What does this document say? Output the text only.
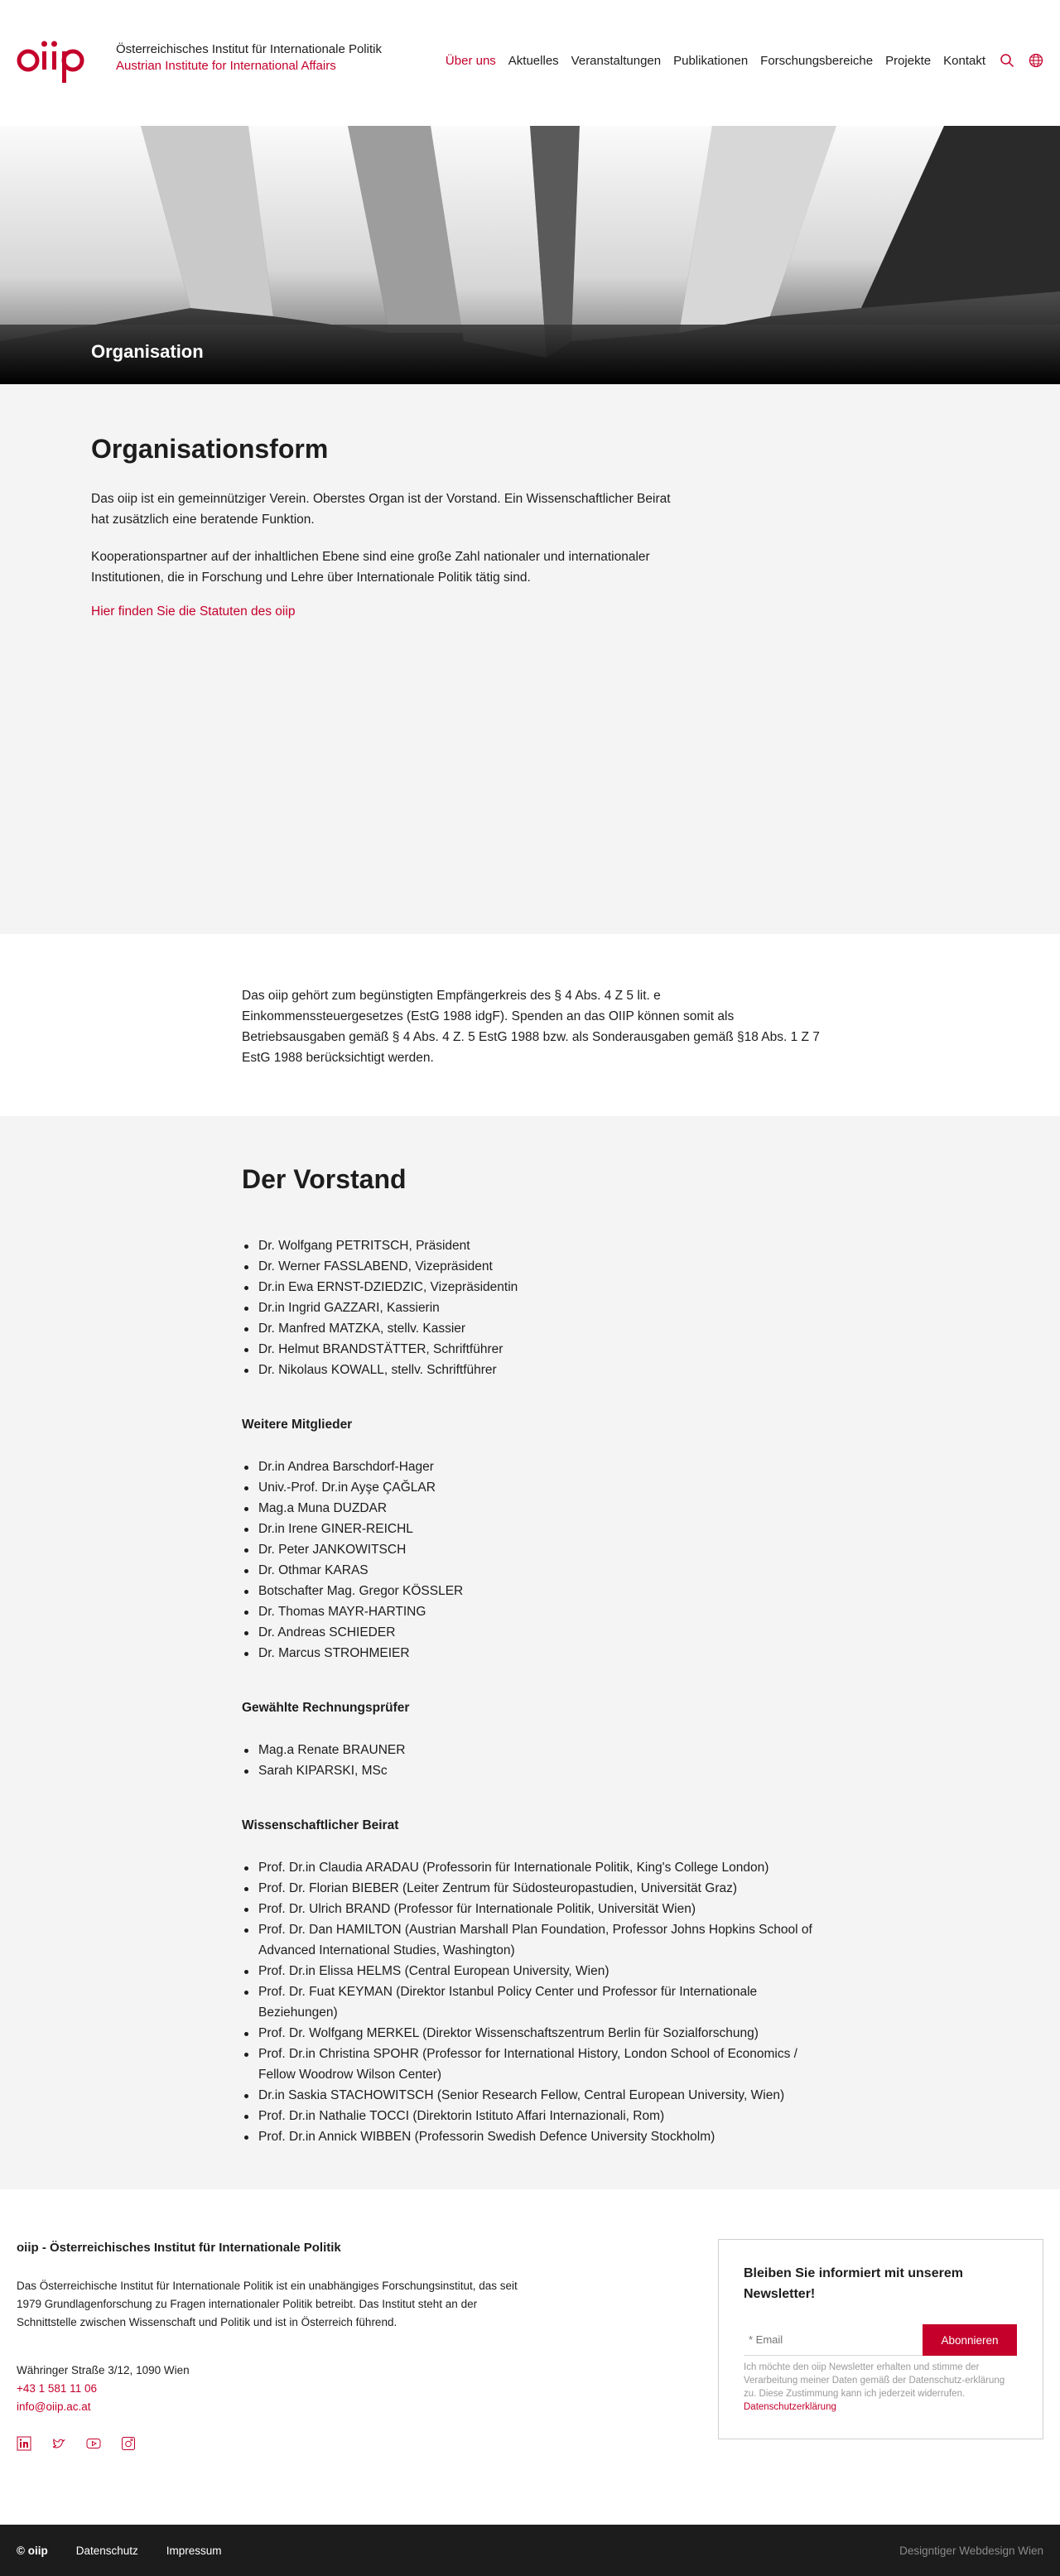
Österreichisches Institut für Internationale Politik
Austrian Institute for International Affairs	Über uns Aktuelles Veranstaltungen Publikationen Forschungsbereiche Projekte Kontakt
Organisation
Organisationsform

Das oiip ist ein gemeinnütziger Verein. Oberstes Organ ist der Vorstand. Ein Wissenschaftlicher Beirat hat zusätzlich eine beratende Funktion.

Kooperationspartner auf der inhaltlichen Ebene sind eine große Zahl nationaler und internationaler Institutionen, die in Forschung und Lehre über Internationale Politik tätig sind.

Hier finden Sie die Statuten des oiip

Das oiip gehört zum begünstigten Empfängerkreis des § 4 Abs. 4 Z 5 lit. e Einkommenssteuergesetzes (EstG 1988 idgF). Spenden an das OIIP können somit als Betriebsausgaben gemäß § 4 Abs. 4 Z. 5 EstG 1988 bzw. als Sonderausgaben gemäß §18 Abs. 1 Z 7 EstG 1988 berücksichtigt werden.

Der Vorstand
Dr. Wolfgang PETRITSCH, Präsident
Dr. Werner FASSLABEND, Vizepräsident
Dr.in Ewa ERNST-DZIEDZIC, Vizepräsidentin
Dr.in Ingrid GAZZARI, Kassierin
Dr. Manfred MATZKA, stellv. Kassier
Dr. Helmut BRANDSTÄTTER, Schriftführer
Dr. Nikolaus KOWALL, stellv. Schriftführer
Weitere Mitglieder
Dr.in Andrea Barschdorf-Hager
Univ.-Prof. Dr.in Ayşe ÇAĞLAR
Mag.a Muna DUZDAR
Dr.in Irene GINER-REICHL
Dr. Peter JANKOWITSCH
Dr. Othmar KARAS
Botschafter Mag. Gregor KÖSSLER
Dr. Thomas MAYR-HARTING
Dr. Andreas SCHIEDER
Dr. Marcus STROHMEIER
Gewählte Rechnungsprüfer
Mag.a Renate BRAUNER
Sarah KIPARSKI, MSc
Wissenschaftlicher Beirat
Prof. Dr.in Claudia ARADAU (Professorin für Internationale Politik, King's College London)
Prof. Dr. Florian BIEBER (Leiter Zentrum für Südosteuropastudien, Universität Graz)
Prof. Dr. Ulrich BRAND (Professor für Internationale Politik, Universität Wien)
Prof. Dr. Dan HAMILTON (Austrian Marshall Plan Foundation, Professor Johns Hopkins School of Advanced International Studies, Washington)
Prof. Dr.in Elissa HELMS (Central European University, Wien)
Prof. Dr. Fuat KEYMAN (Direktor Istanbul Policy Center und Professor für Internationale Beziehungen)
Prof. Dr. Wolfgang MERKEL (Direktor Wissenschaftszentrum Berlin für Sozialforschung)
Prof. Dr.in Christina SPOHR (Professor for International History, London School of Economics / Fellow Woodrow Wilson Center)
Dr.in Saskia STACHOWITSCH (Senior Research Fellow, Central European University, Wien)
Prof. Dr.in Nathalie TOCCI (Direktorin Istituto Affari Internazionali, Rom)
Prof. Dr.in Annick WIBBEN (Professorin Swedish Defence University Stockholm)
oiip - Österreichisches Institut für Internationale Politik
Das Österreichische Institut für Internationale Politik ist ein unabhängiges Forschungsinstitut, das seit 1979 Grundlagenforschung zu Fragen internationaler Politik betreibt. Das Institut steht an der Schnittstelle zwischen Wissenschaft und Politik und ist in Österreich führend.
Währinger Straße 3/12, 1090 Wien
+43 1 581 11 06
info@oiip.ac.at
Bleiben Sie informiert mit unserem Newsletter!
* Email
Abonnieren
Ich möchte den oiip Newsletter erhalten und stimme der Verarbeitung meiner Daten gemäß der Datenschutz-erklärung zu. Diese Zustimmung kann ich jederzeit widerrufen. Datenschutzerklärung
© oiip	Datenschutz	Impressum	Designtiger Webdesign Wien
